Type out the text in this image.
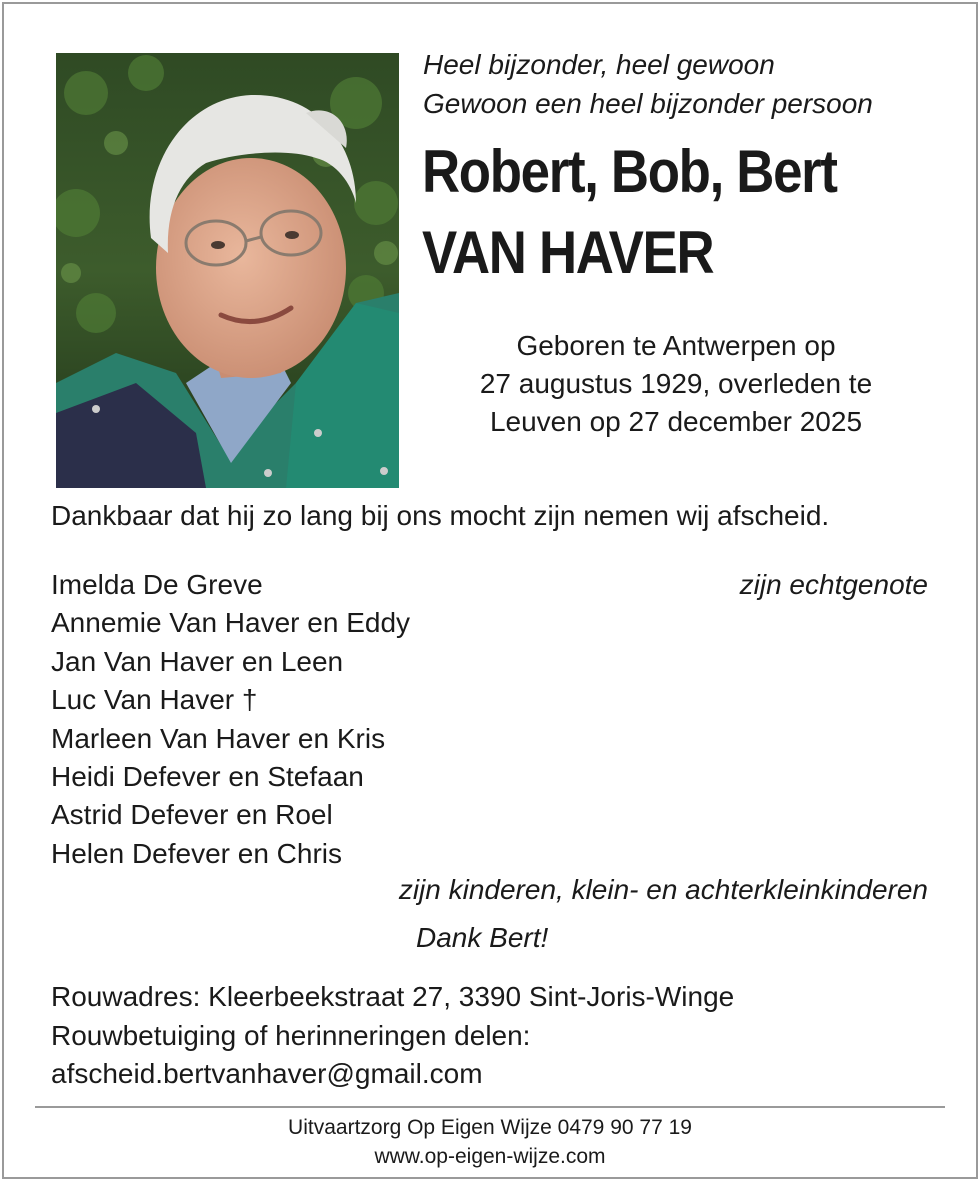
Heel bijzonder, heel gewoon
Gewoon een heel bijzonder persoon
Robert, Bob, Bert
VAN HAVER
Geboren te Antwerpen op
27 augustus 1929, overleden te
Leuven op 27 december 2025
Dankbaar dat hij zo lang bij ons mocht zijn nemen wij afscheid.
Imelda De Greve
Annemie Van Haver en Eddy
Jan Van Haver en Leen
Luc Van Haver †
Marleen Van Haver en Kris
Heidi Defever en Stefaan
Astrid Defever en Roel
Helen Defever en Chris
zijn echtgenote
zijn kinderen, klein- en achterkleinkinderen
Dank Bert!
Rouwadres: Kleerbeekstraat 27, 3390 Sint-Joris-Winge
Rouwbetuiging of herinneringen delen:
afscheid.bertvanhaver@gmail.com
Uitvaartzorg Op Eigen Wijze 0479 90 77 19
www.op-eigen-wijze.com
